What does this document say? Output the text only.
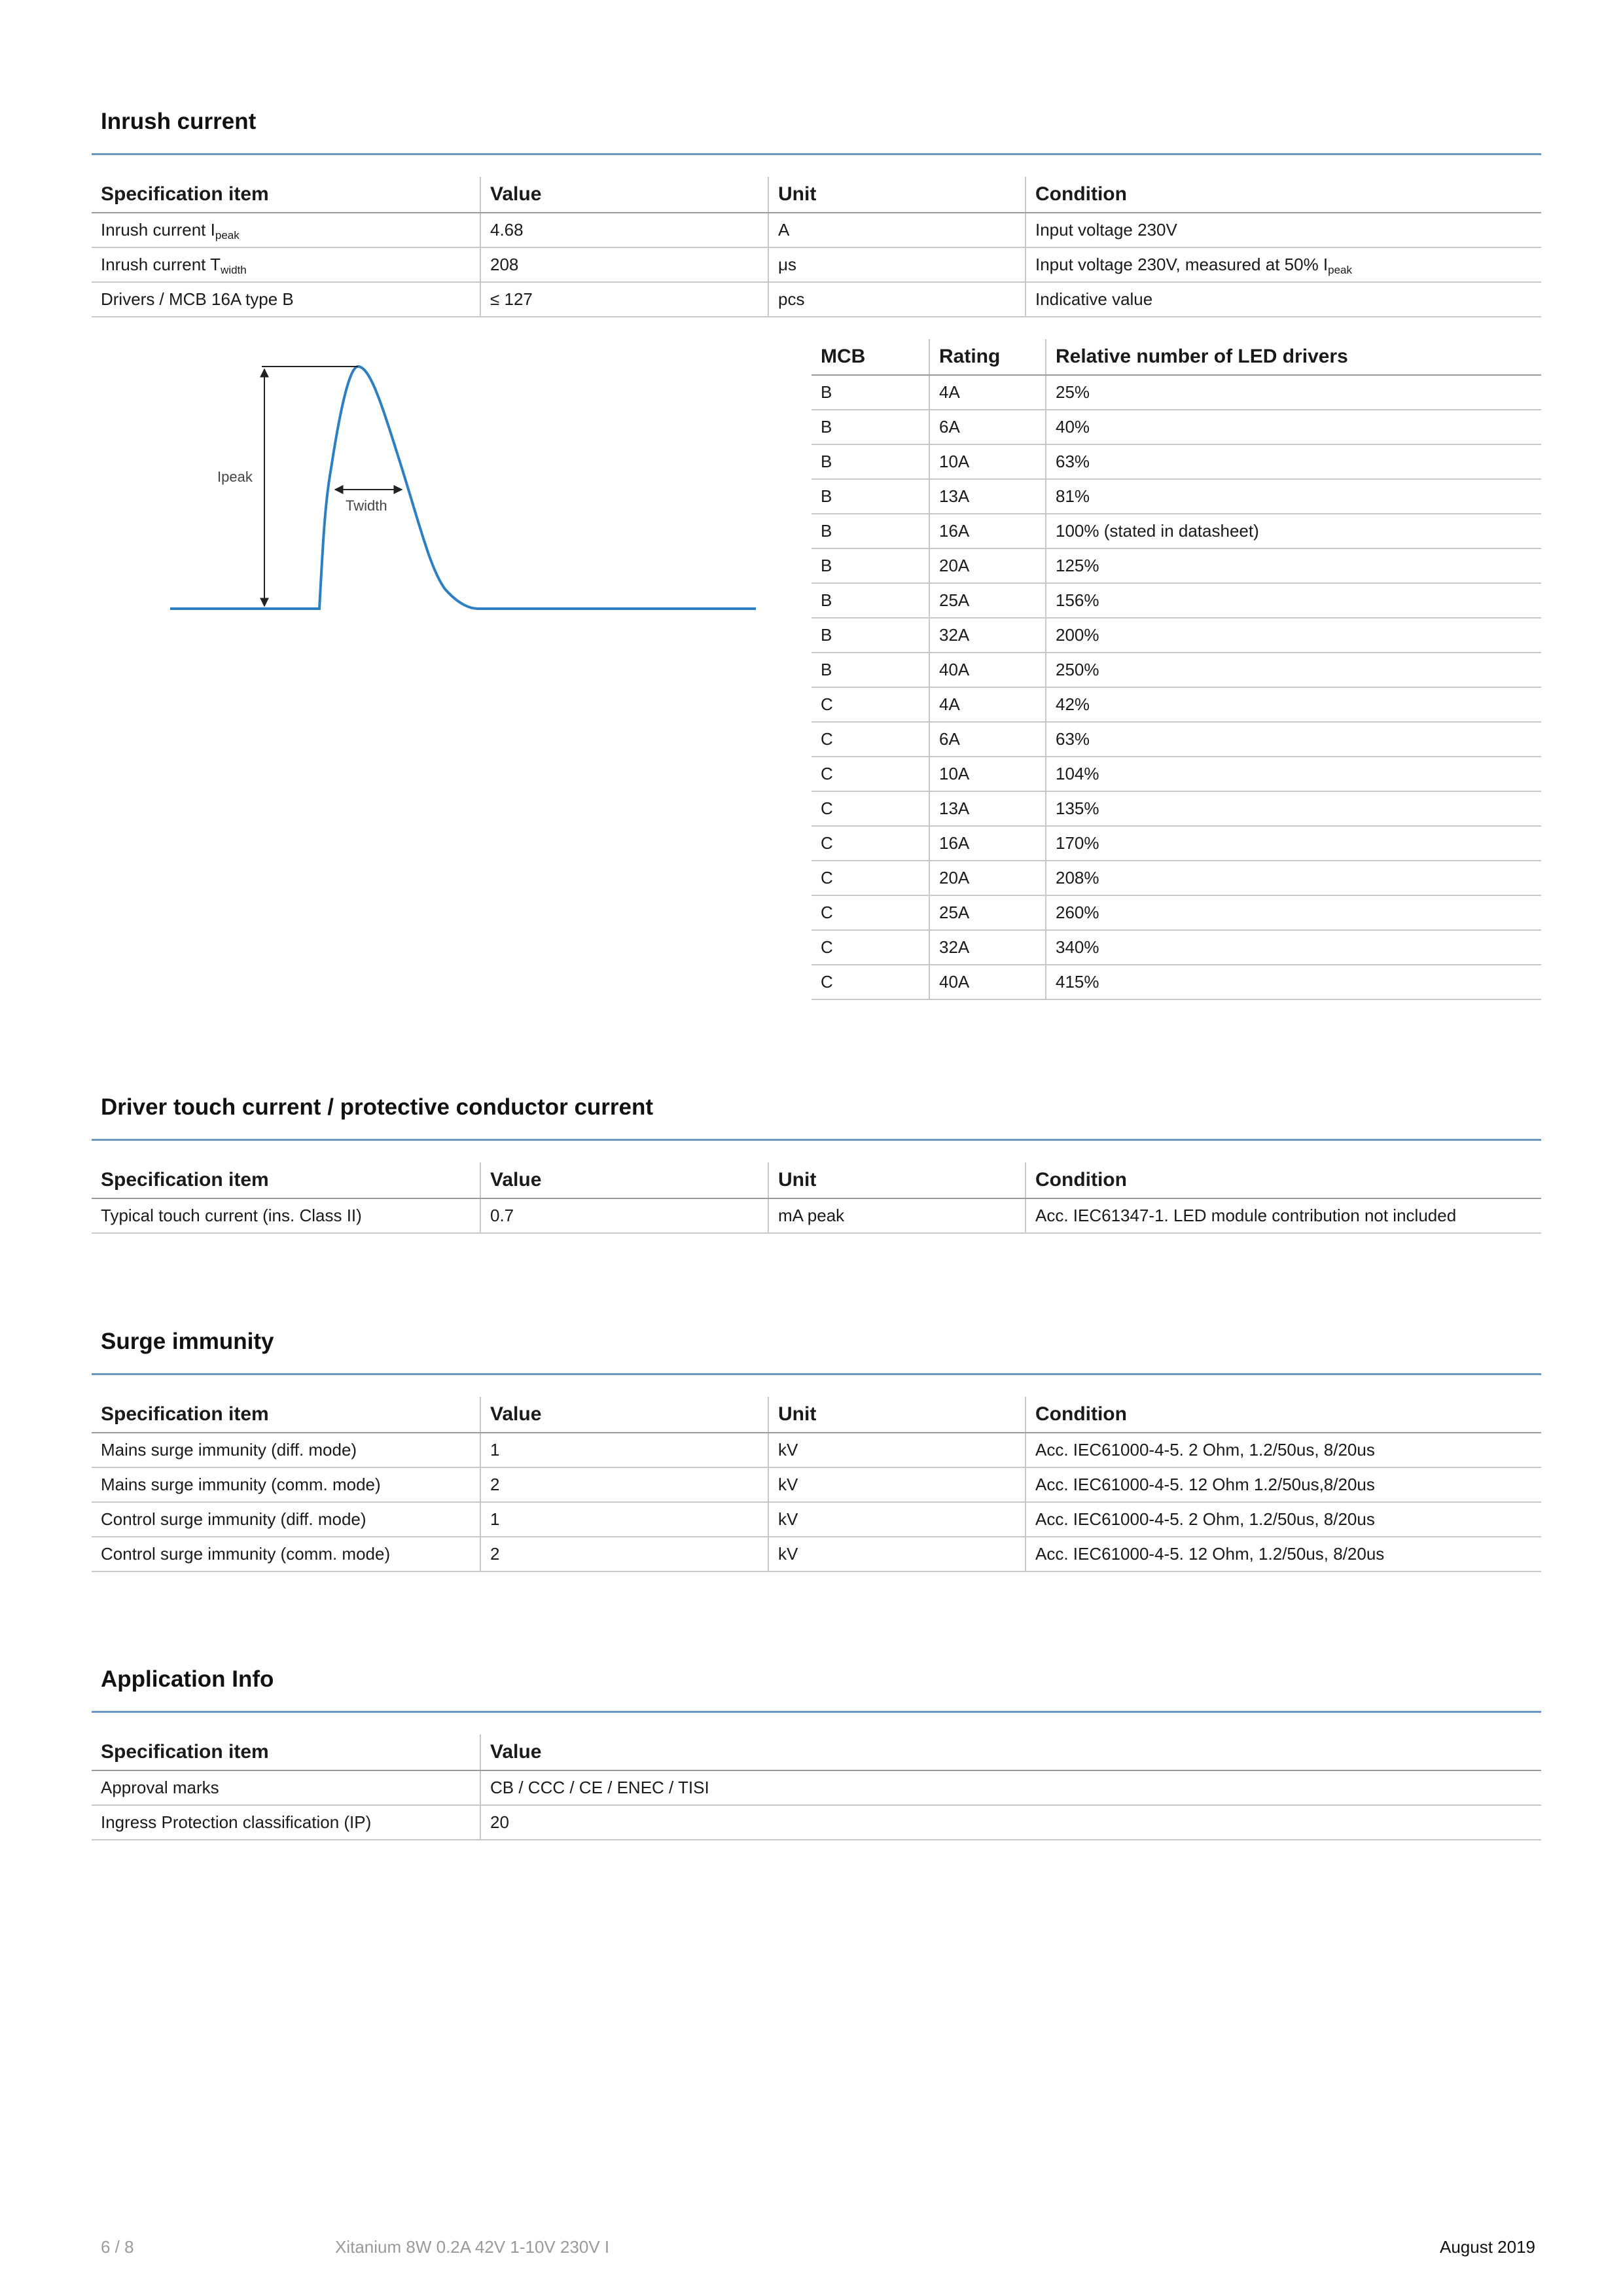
Inrush current
Specification item	Value	Unit	Condition
Inrush current $I_{peak}$	4.68	A	Input voltage 230V
Inrush current $T_{width}$	208	μs	Input voltage 230V, measured at 50% $I_{peak}$
Drivers / MCB 16A type B	≤ 127	pcs	Indicative value
Ipeak
Twidth
MCB	Rating	Relative number of LED drivers
B	4A	25%
B	6A	40%
B	10A	63%
B	13A	81%
B	16A	100% (stated in datasheet)
B	20A	125%
B	25A	156%
B	32A	200%
B	40A	250%
C	4A	42%
C	6A	63%
C	10A	104%
C	13A	135%
C	16A	170%
C	20A	208%
C	25A	260%
C	32A	340%
C	40A	415%
Driver touch current / protective conductor current
Specification item	Value	Unit	Condition
Typical touch current (ins. Class II)	0.7	mA peak	Acc. IEC61347-1. LED module contribution not included
Surge immunity
Specification item	Value	Unit	Condition
Mains surge immunity (diff. mode)	1	kV	Acc. IEC61000-4-5. 2 Ohm, 1.2/50us, 8/20us
Mains surge immunity (comm. mode)	2	kV	Acc. IEC61000-4-5. 12 Ohm 1.2/50us,8/20us
Control surge immunity (diff. mode)	1	kV	Acc. IEC61000-4-5. 2 Ohm, 1.2/50us, 8/20us
Control surge immunity (comm. mode)	2	kV	Acc. IEC61000-4-5. 12 Ohm, 1.2/50us, 8/20us
Application Info
Specification item	Value
Approval marks	CB / CCC / CE / ENEC / TISI
Ingress Protection classification (IP)	20
6 / 8	Xitanium 8W 0.2A 42V 1-10V 230V I	August 2019
